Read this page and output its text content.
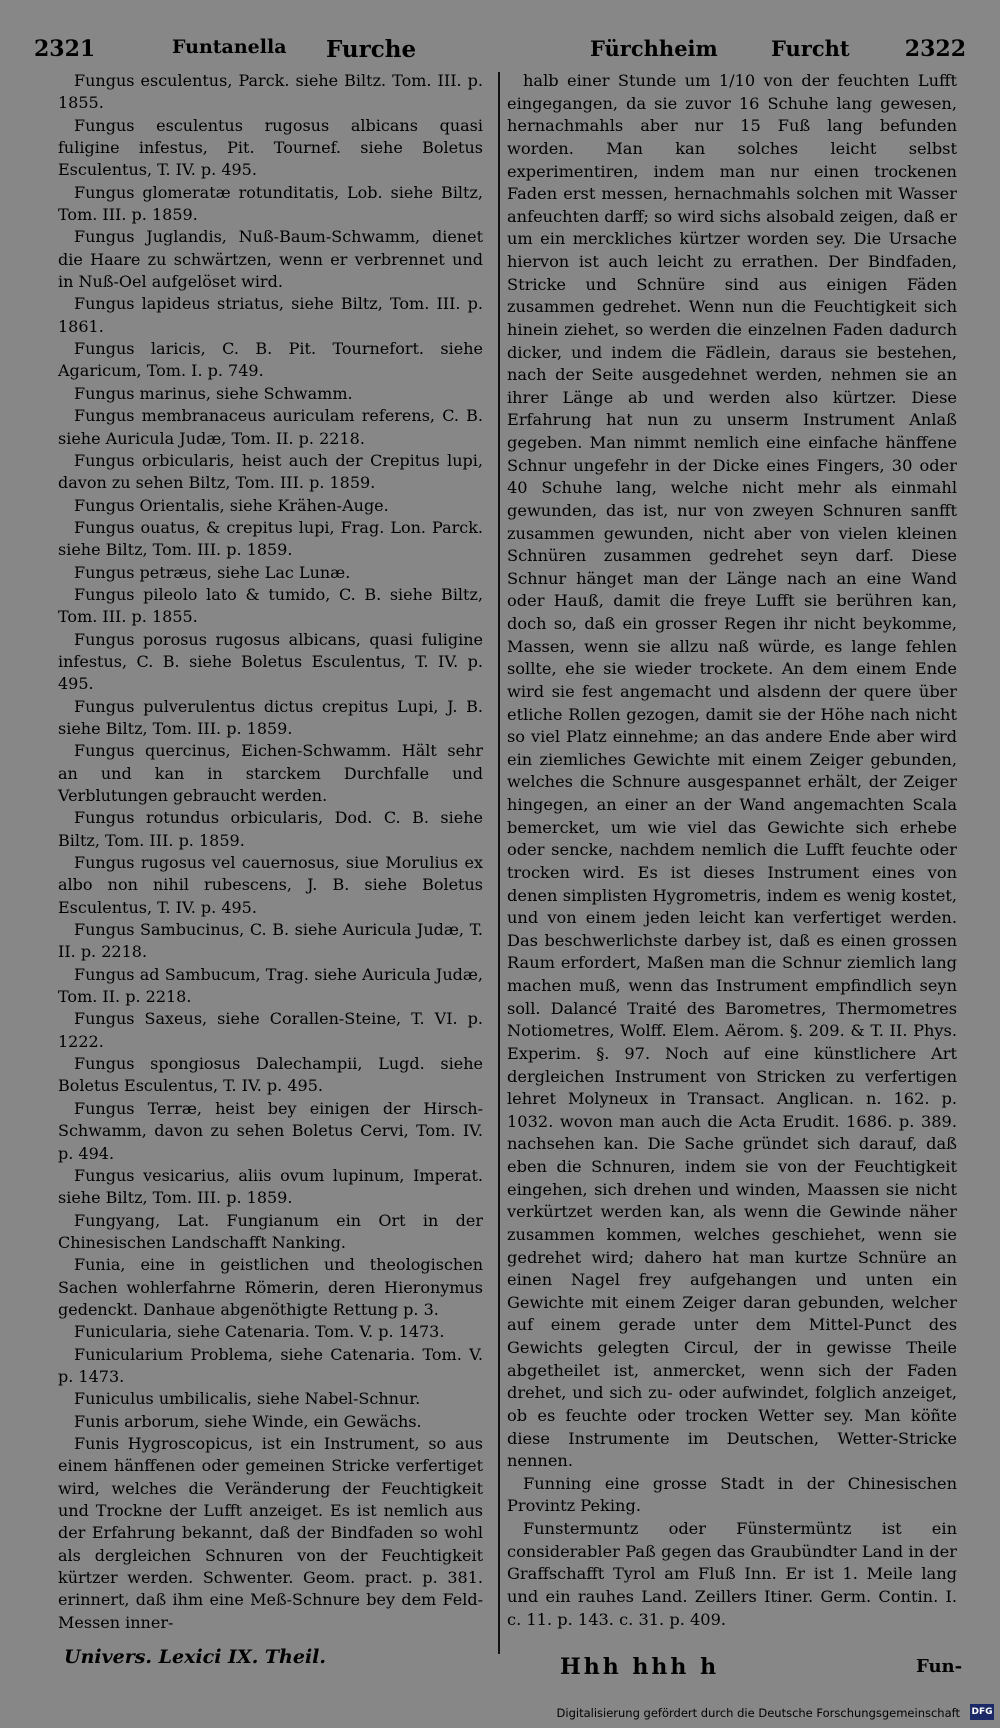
2321	Funtanella Furche	Fürchheim	Furcht	2322

Fungus esculentus, Parck. siehe Biltz. Tom. III. p. 1855.

Fungus esculentus rugosus albicans quasi fuligine infestus, Pit. Tournef. siehe Boletus Esculentus, T. IV. p. 495.

Fungus glomeratæ rotunditatis, Lob. siehe Biltz, Tom. III. p. 1859.

Fungus Juglandis, Nuß-Baum-Schwamm, dienet die Haare zu schwärtzen, wenn er verbrennet und in Nuß-Oel aufgelöset wird.

Fungus lapideus striatus, siehe Biltz, Tom. III. p. 1861.

Fungus laricis, C. B. Pit. Tournefort. siehe Agaricum, Tom. I. p. 749.

Fungus marinus, siehe Schwamm.

Fungus membranaceus auriculam referens, C. B. siehe Auricula Judæ, Tom. II. p. 2218.

Fungus orbicularis, heist auch der Crepitus lupi, davon zu sehen Biltz, Tom. III. p. 1859.

Fungus Orientalis, siehe Krähen-Auge.

Fungus ouatus, & crepitus lupi, Frag. Lon. Parck. siehe Biltz, Tom. III. p. 1859.

Fungus petræus, siehe Lac Lunæ.

Fungus pileolo lato & tumido, C. B. siehe Biltz, Tom. III. p. 1855.

Fungus porosus rugosus albicans, quasi fuligine infestus, C. B. siehe Boletus Esculentus, T. IV. p. 495.

Fungus pulverulentus dictus crepitus Lupi, J. B. siehe Biltz, Tom. III. p. 1859.

Fungus quercinus, Eichen-Schwamm. Hält sehr an und kan in starckem Durchfalle und Verblutungen gebraucht werden.

Fungus rotundus orbicularis, Dod. C. B. siehe Biltz, Tom. III. p. 1859.

Fungus rugosus vel cauernosus, siue Morulius ex albo non nihil rubescens, J. B. siehe Boletus Esculentus, T. IV. p. 495.

Fungus Sambucinus, C. B. siehe Auricula Judæ, T. II. p. 2218.

Fungus ad Sambucum, Trag. siehe Auricula Judæ, Tom. II. p. 2218.

Fungus Saxeus, siehe Corallen-Steine, T. VI. p. 1222.

Fungus spongiosus Dalechampii, Lugd. siehe Boletus Esculentus, T. IV. p. 495.

Fungus Terræ, heist bey einigen der Hirsch-Schwamm, davon zu sehen Boletus Cervi, Tom. IV. p. 494.

Fungus vesicarius, aliis ovum lupinum, Imperat. siehe Biltz, Tom. III. p. 1859.

Fungyang, Lat. Fungianum ein Ort in der Chinesischen Landschafft Nanking.

Funia, eine in geistlichen und theologischen Sachen wohlerfahrne Römerin, deren Hieronymus gedenckt. Danhaue abgenöthigte Rettung p. 3.

Funicularia, siehe Catenaria. Tom. V. p. 1473.

Funicularium Problema, siehe Catenaria. Tom. V. p. 1473.

Funiculus umbilicalis, siehe Nabel-Schnur.

Funis arborum, siehe Winde, ein Gewächs.

Funis Hygroscopicus, ist ein Instrument, so aus einem hänffenen oder gemeinen Stricke verfertiget wird, welches die Veränderung der Feuchtigkeit und Trockne der Lufft anzeiget. Es ist nemlich aus der Erfahrung bekannt, daß der Bindfaden so wohl als dergleichen Schnuren von der Feuchtigkeit kürtzer werden. Schwenter. Geom. pract. p. 381. erinnert, daß ihm eine Meß-Schnure bey dem Feld-Messen inner-

halb einer Stunde um 1/10 von der feuchten Lufft eingegangen, da sie zuvor 16 Schuhe lang gewesen, hernachmahls aber nur 15 Fuß lang befunden worden. Man kan solches leicht selbst experimentiren, indem man nur einen trockenen Faden erst messen, hernachmahls solchen mit Wasser anfeuchten darff; so wird sichs alsobald zeigen, daß er um ein merckliches kürtzer worden sey. Die Ursache hiervon ist auch leicht zu errathen. Der Bindfaden, Stricke und Schnüre sind aus einigen Fäden zusammen gedrehet. Wenn nun die Feuchtigkeit sich hinein ziehet, so werden die einzelnen Faden dadurch dicker, und indem die Fädlein, daraus sie bestehen, nach der Seite ausgedehnet werden, nehmen sie an ihrer Länge ab und werden also kürtzer. Diese Erfahrung hat nun zu unserm Instrument Anlaß gegeben. Man nimmt nemlich eine einfache hänffene Schnur ungefehr in der Dicke eines Fingers, 30 oder 40 Schuhe lang, welche nicht mehr als einmahl gewunden, das ist, nur von zweyen Schnuren sanfft zusammen gewunden, nicht aber von vielen kleinen Schnüren zusammen gedrehet seyn darf. Diese Schnur hänget man der Länge nach an eine Wand oder Hauß, damit die freye Lufft sie berühren kan, doch so, daß ein grosser Regen ihr nicht beykomme, Massen, wenn sie allzu naß würde, es lange fehlen sollte, ehe sie wieder trockete. An dem einem Ende wird sie fest angemacht und alsdenn der quere über etliche Rollen gezogen, damit sie der Höhe nach nicht so viel Platz einnehme; an das andere Ende aber wird ein ziemliches Gewichte mit einem Zeiger gebunden, welches die Schnure ausgespannet erhält, der Zeiger hingegen, an einer an der Wand angemachten Scala bemercket, um wie viel das Gewichte sich erhebe oder sencke, nachdem nemlich die Lufft feuchte oder trocken wird. Es ist dieses Instrument eines von denen simplisten Hygrometris, indem es wenig kostet, und von einem jeden leicht kan verfertiget werden. Das beschwerlichste darbey ist, daß es einen grossen Raum erfordert, Maßen man die Schnur ziemlich lang machen muß, wenn das Instrument empfindlich seyn soll. Dalancé Traité des Barometres, Thermometres Notiometres, Wolff. Elem. Aërom. §. 209. & T. II. Phys. Experim. §. 97. Noch auf eine künstlichere Art dergleichen Instrument von Stricken zu verfertigen lehret Molyneux in Transact. Anglican. n. 162. p. 1032. wovon man auch die Acta Erudit. 1686. p. 389. nachsehen kan. Die Sache gründet sich darauf, daß eben die Schnuren, indem sie von der Feuchtigkeit eingehen, sich drehen und winden, Maassen sie nicht verkürtzet werden kan, als wenn die Gewinde näher zusammen kommen, welches geschiehet, wenn sie gedrehet wird; dahero hat man kurtze Schnüre an einen Nagel frey aufgehangen und unten ein Gewichte mit einem Zeiger daran gebunden, welcher auf einem gerade unter dem Mittel-Punct des Gewichts gelegten Circul, der in gewisse Theile abgetheilet ist, anmercket, wenn sich der Faden drehet, und sich zu- oder aufwindet, folglich anzeiget, ob es feuchte oder trocken Wetter sey. Man köñte diese Instrumente im Deutschen, Wetter-Stricke nennen.

Funning eine grosse Stadt in der Chinesischen Provintz Peking.

Funstermuntz oder Fünstermüntz ist ein considerabler Paß gegen das Graubündter Land in der Graffschafft Tyrol am Fluß Inn. Er ist 1. Meile lang und ein rauhes Land. Zeillers Itiner. Germ. Contin. I. c. 11. p. 143. c. 31. p. 409.

Univers. Lexici IX. Theil.	Hhh hhh h	Fun-
Digitalisierung gefördert durch die Deutsche Forschungsgemeinschaft DFG
